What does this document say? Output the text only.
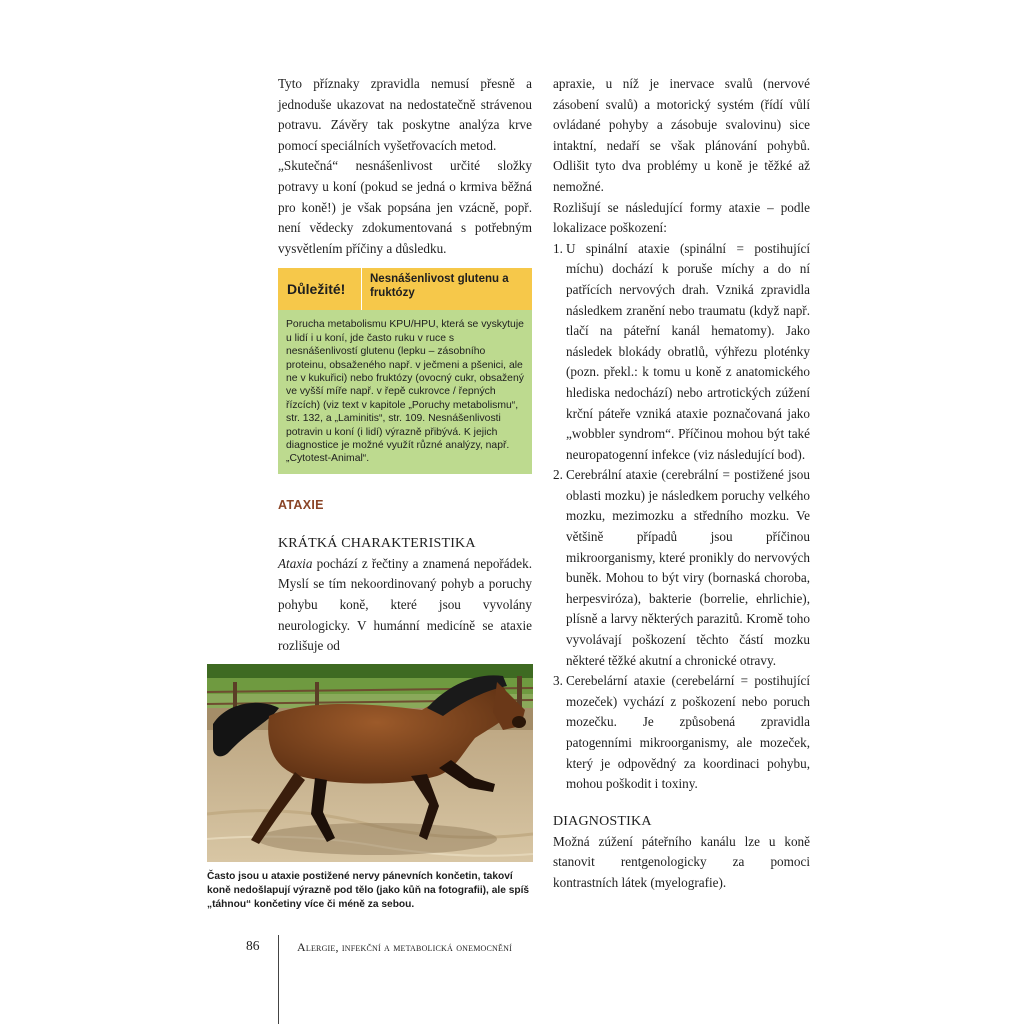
Tyto příznaky zpravidla nemusí přesně a jednoduše ukazovat na nedostatečně strávenou potravu. Závěry tak poskytne analýza krve pomocí speciálních vyšetřovacích metod.

„Skutečná“ nesnášenlivost určité složky potravy u koní (pokud se jedná o krmiva běžná pro koně!) je však popsána jen vzácně, popř. není vědecky zdokumentovaná s potřebným vysvětlením příčiny a důsledku.

Důležité!
Nesnášenlivost glutenu a fruktózy
Porucha metabolismu KPU/HPU, která se vyskytuje u lidí i u koní, jde často ruku v ruce s nesnášenlivostí glutenu (lepku – zásobního proteinu, obsaženého např. v ječmeni a pšenici, ale ne v kukuřici) nebo fruktózy (ovocný cukr, obsažený ve vyšší míře např. v řepě cukrovce / řepných řízcích) (viz text v kapitole „Poruchy metabolismu“, str. 132, a „Laminitis“, str. 109. Nesnášenlivosti potravin u koní (i lidí) výrazně přibývá. K jejich diagnostice je možné využít různé analýzy, např. „Cytotest-Animal“.
ATAXIE
KRÁTKÁ CHARAKTERISTIKA

Ataxia pochází z řečtiny a znamená nepořádek. Myslí se tím nekoordinovaný pohyb a poruchy pohybu koně, které jsou vyvolány neurologicky. V humánní medicíně se ataxie rozlišuje od

Často jsou u ataxie postižené nervy pánevních končetin, takoví koně nedošlapují výrazně pod tělo (jako kůň na fotografii), ale spíš „táhnou“ končetiny více či méně za sebou.

apraxie, u níž je inervace svalů (nervové zásobení svalů) a motorický systém (řídí vůlí ovládané pohyby a zásobuje svalovinu) sice intaktní, nedaří se však plánování pohybů. Odlišit tyto dva problémy u koně je těžké až nemožné.

Rozlišují se následující formy ataxie – podle lokalizace poškození:

1. U spinální ataxie (spinální = postihující míchu) dochází k poruše míchy a do ní patřících nervových drah. Vzniká zpravidla následkem zranění nebo traumatu (když např. tlačí na páteřní kanál hematomy). Jako následek blokády obratlů, výhřezu ploténky (pozn. překl.: k tomu u koně z anatomického hlediska nedochází) nebo artrotických zúžení krční páteře vzniká ataxie poznačovaná jako „wobbler syndrom“. Příčinou mohou být také neuropatogenní infekce (viz následující bod).
2. Cerebrální ataxie (cerebrální = postižené jsou oblasti mozku) je následkem poruchy velkého mozku, mezimozku a středního mozku. Ve většině případů jsou příčinou mikroorganismy, které pronikly do nervových buněk. Mohou to být viry (bornaská choroba, herpesviróza), bakterie (borrelie, ehrlichie), plísně a larvy některých parazitů. Kromě toho vyvolávají poškození těchto částí mozku některé těžké akutní a chronické otravy.
3. Cerebelární ataxie (cerebelární = postihující mozeček) vychází z poškození nebo poruch mozečku. Je způsobená zpravidla patogenními mikroorganismy, ale mozeček, který je odpovědný za koordinaci pohybu, mohou poškodit i toxiny.
DIAGNOSTIKA

Možná zúžení páteřního kanálu lze u koně stanovit rentgenologicky za pomoci kontrastních látek (myelografie).

86	Alergie, infekční a metabolická onemocnění
